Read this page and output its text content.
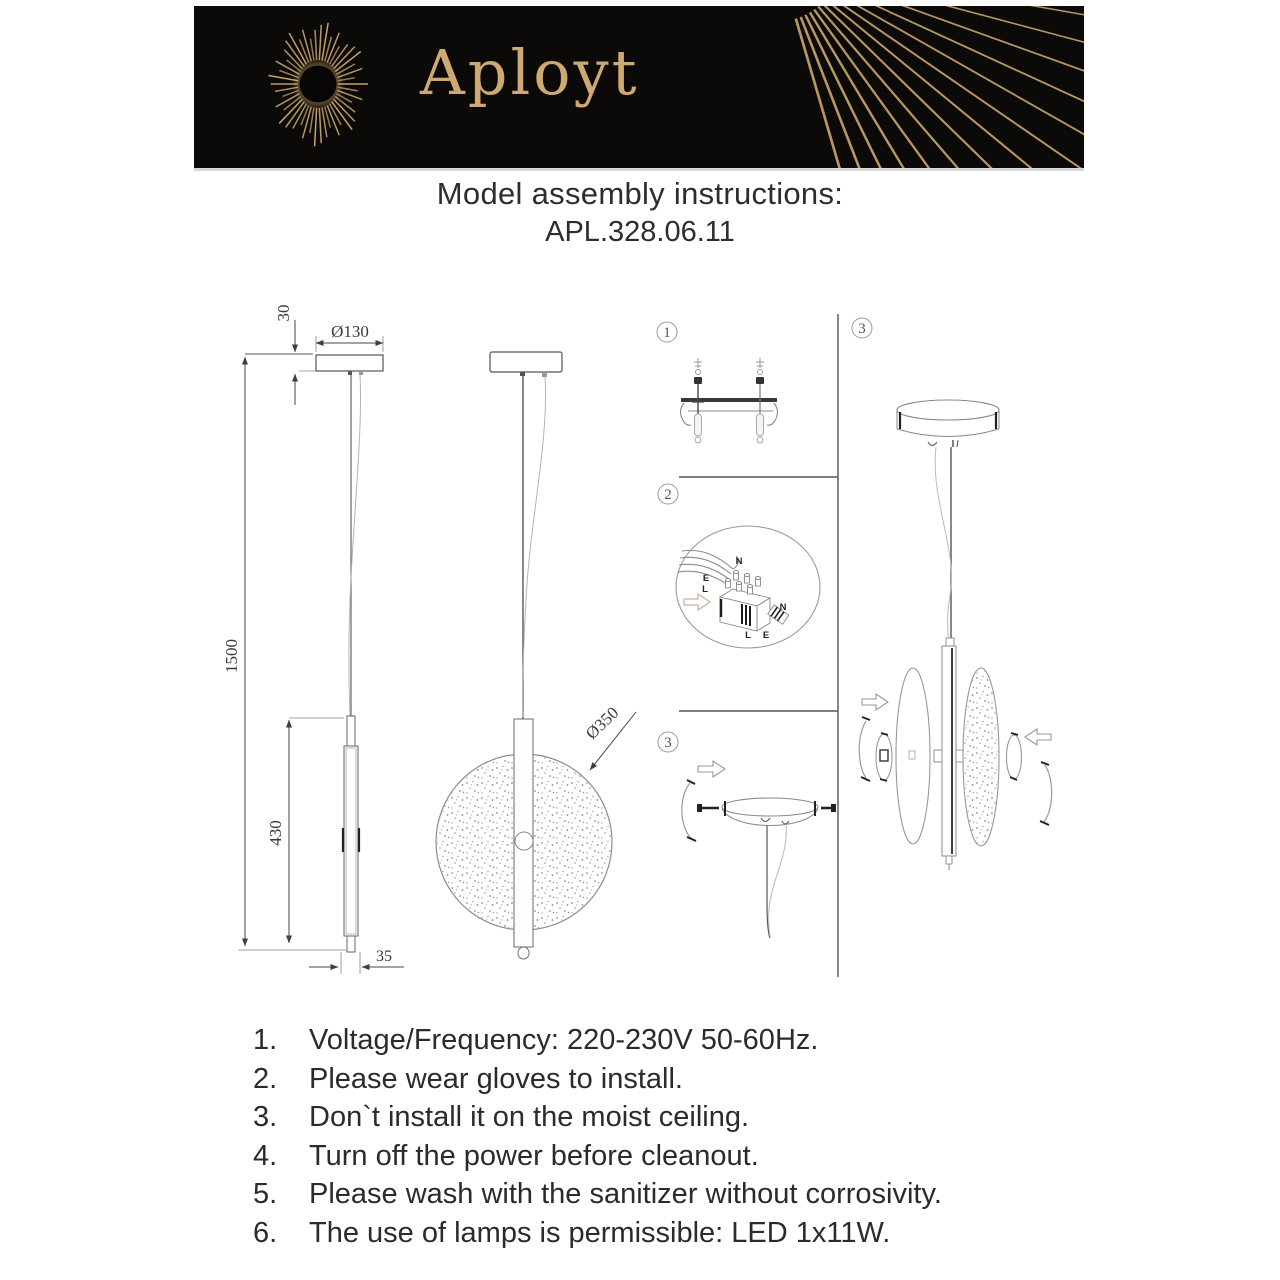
Aployt
Model assembly instructions:
APL.328.06.11
Ø130
30
1500
430
35
Ø350
1
2
3
3
N
E
L
N
L E
1.	Voltage/Frequency: 220-230V 50-60Hz.
2.	Please wear gloves to install.
3.	Don`t install it on the moist ceiling.
4.	Turn off the power before cleanout.
5.	Please wash with the sanitizer without corrosivity.
6.	The use of lamps is permissible: LED 1x11W.
